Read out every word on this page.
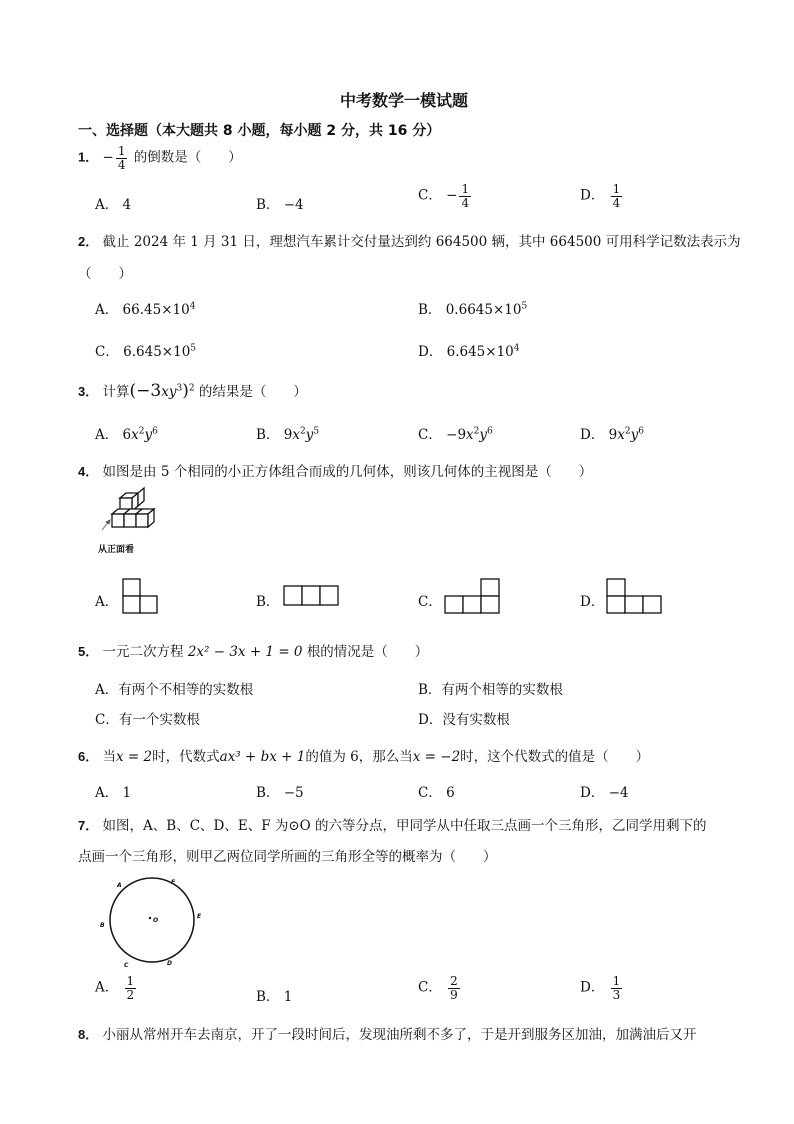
中考数学一模试题
一、选择题（本大题共 8 小题，每小题 2 分，共 16 分）
1． − $\frac{1}{4}$ 的倒数是（　　）
A． 4	B． −4
C． − $\frac{1}{4}$	D． $\frac{1}{4}$
2． 截止 2024 年 1 月 31 日，理想汽车累计交付量达到约 664500 辆，其中 664500 可用科学记数法表示为
（　　）
A． $66.45\times 10^4$	B． $0.6645\times 10^5$
C． $6.645\times 10^5$	D． $6.645\times 10^4$
3． 计算$(-3xy^3)^2$ 的结果是（　　）
A． $6x^2y^6$	B． $9x^2y^5$	C． $-9x^2y^6$	D． $9x^2y^6$
4． 如图是由 5 个相同的小正方体组合而成的几何体，则该几何体的主视图是（　　）
从正面看
A．	B．	C．	D．
5． 一元二次方程 2x² − 3x + 1 = 0 根的情况是（　　）
A．有两个不相等的实数根	B．有两个相等的实数根
C．有一个实数根	D．没有实数根
6． 当x = 2时，代数式ax³ + bx + 1的值为 6，那么当x = −2时，这个代数式的值是（　　）
A． 1	B． −5	C． 6	D． −4
7． 如图，A、B、C、D、E、F 为⊙O 的六等分点，甲同学从中任取三点画一个三角形，乙同学用剩下的
点画一个三角形，则甲乙两位同学所画的三角形全等的概率为（　　）
A	F
B
E
C	D
O
A． $\frac{1}{2}$	B． 1
C． $\frac{2}{9}$	D． $\frac{1}{3}$
8． 小丽从常州开车去南京，开了一段时间后，发现油所剩不多了，于是开到服务区加油，加满油后又开
